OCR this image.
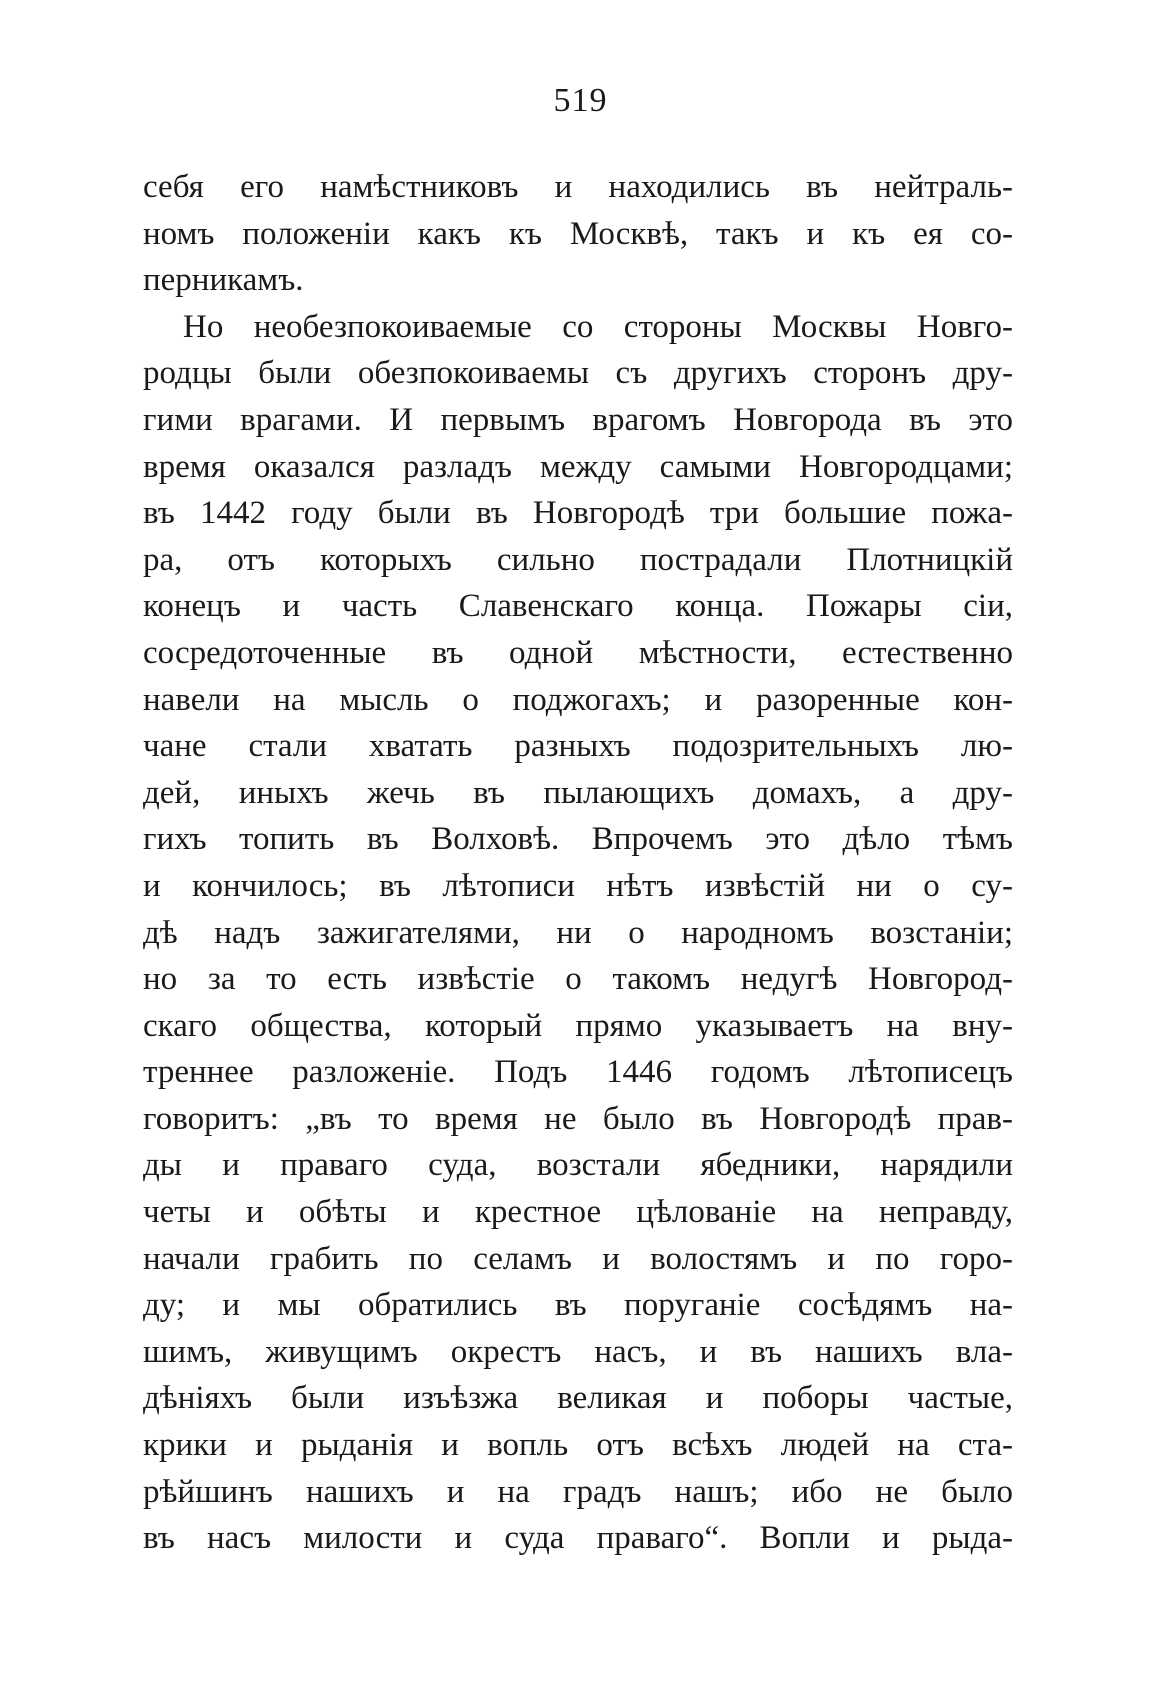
519
себя его намѣстниковъ и находились въ нейтраль-
номъ положенiи какъ къ Москвѣ, такъ и къ ея со-
перникамъ.
Но необезпокоиваемые со стороны Москвы Новго-
родцы были обезпокоиваемы съ другихъ сторонъ дру-
гими врагами. И первымъ врагомъ Новгорода въ это
время оказался разладъ между самыми Новгородцами;
въ 1442 году были въ Новгородѣ три большие пожа-
ра, отъ которыхъ сильно пострадали Плотницкiй
конецъ и часть Славенскаго конца. Пожары сiи,
сосредоточенные въ одной мѣстности, естественно
навели на мысль о поджогахъ; и разоренные кон-
чане стали хватать разныхъ подозрительныхъ лю-
дей, иныхъ жечь въ пылающихъ домахъ, а дру-
гихъ топить въ Волховѣ. Впрочемъ это дѣло тѣмъ
и кончилось; въ лѣтописи нѣтъ извѣстiй ни о су-
дѣ надъ зажигателями, ни о народномъ возстанiи;
но за то есть извѣстiе о такомъ недугѣ Новгород-
скаго общества, который прямо указываетъ на вну-
треннее разложенiе. Подъ 1446 годомъ лѣтописецъ
говоритъ: „въ то время не было въ Новгородѣ прав-
ды и праваго суда, возстали ябедники, нарядили
четы и обѣты и крестное цѣлованiе на неправду,
начали грабить по селамъ и волостямъ и по горо-
ду; и мы обратились въ поруганiе сосѣдямъ на-
шимъ, живущимъ окрестъ насъ, и въ нашихъ вла-
дѣнiяхъ были изъѣзжа великая и поборы частые,
крики и рыданiя и вопль отъ всѣхъ людей на ста-
рѣйшинъ нашихъ и на градъ нашъ; ибо не было
въ насъ милости и суда праваго“. Вопли и рыда-
